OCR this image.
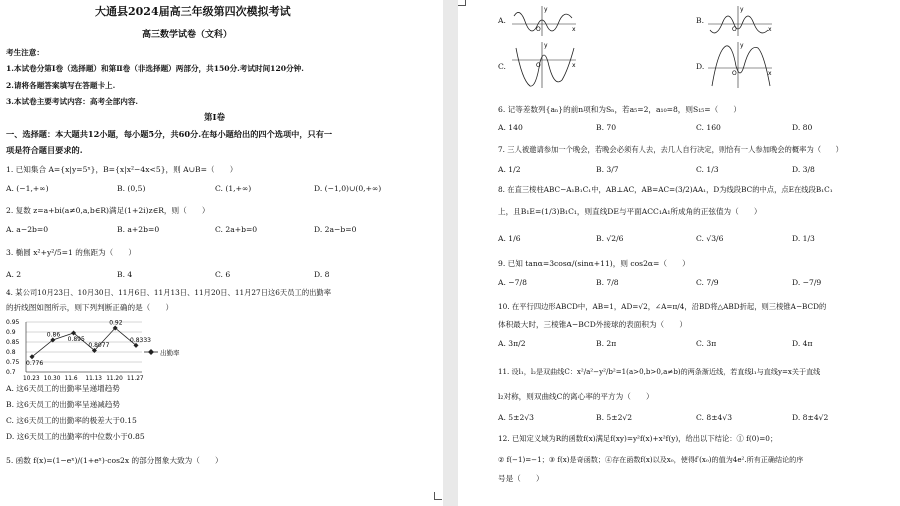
大通县2024届高三年级第四次模拟考试
高三数学试卷（文科）
考生注意：
1.本试卷分第Ⅰ卷（选择题）和第Ⅱ卷（非选择题）两部分，共150分.考试时间120分钟.
2.请将各题答案填写在答题卡上.
3.本试卷主要考试内容：高考全部内容.
第Ⅰ卷
一、选择题：本大题共12小题，每小题5分，共60分.在每小题给出的四个选项中，只有一
项是符合题目要求的.
1. 已知集合 A={x|y=5ˣ}，B={x|x²−4x<5}，则 A∪B=（　　）
A. (−1,+∞)	B. (0,5)	C. (1,+∞)	D. (−1,0)∪(0,+∞)
2. 复数 z=a+bi(a≠0,a,b∈R)满足(1+2i)z∈R，则（　　）
A. a−2b=0	B. a+2b=0	C. 2a+b=0	D. 2a−b=0
3. 椭圆 x²+y²/5=1 的焦距为（　　）
A. 2	B. 4	C. 6	D. 8
4. 某公司10月23日、10月30日、11月6日、11月13日、11月20日、11月27日这6天员工的出勤率
的折线图如图所示，则下列判断正确的是（　　）
0.95
0.9
0.85
0.8
0.75
0.7
10.23 10.30 11.6 11.13 11.20 11.27
0.776
0.86
0.895
0.8077
0.92
0.8333
出勤率
A. 这6天员工的出勤率呈递增趋势
B. 这6天员工的出勤率呈递减趋势
C. 这6天员工的出勤率的极差大于0.15
D. 这6天员工的出勤率的中位数小于0.85
5. 函数 f(x)=(1−eˣ)/(1+eˣ)·cos2x 的部分图象大致为（　　）
A.
y
x
O
B.
y
x
O
C.
y
x
O	D.
y
x
O
6. 记等差数列{aₙ}的前n项和为Sₙ，若a₅=2，a₁₀=8，则S₁₅=（　　）
A. 140	B. 70	C. 160	D. 80
7. 三人被邀请参加一个晚会，若晚会必须有人去，去几人自行决定，则恰有一人参加晚会的概率为（　　）
A. 1/2	B. 3/7	C. 1/3	D. 3/8
8. 在直三棱柱ABC−A₁B₁C₁中，AB⊥AC，AB=AC=(3/2)AA₁，D为线段BC的中点，点E在线段B₁C₁
上，且B₁E=(1/3)B₁C₁，则直线DE与平面ACC₁A₁所成角的正弦值为（　　）
A. 1/6	B. √2/6	C. √3/6	D. 1/3
9. 已知 tanα=3cosα/(sinα+11)，则 cos2α=（　　）
A. −7/8	B. 7/8	C. 7/9	D. −7/9
10. 在平行四边形ABCD中，AB=1，AD=√2，∠A=π/4，沿BD将△ABD折起，则三棱锥A−BCD的
体积最大时，三棱锥A−BCD外接球的表面积为（　　）
A. 3π/2	B. 2π	C. 3π	D. 4π
11. 设l₁，l₂是双曲线C：x²/a²−y²/b²=1(a>0,b>0,a≠b)的两条渐近线，若直线l₁与直线y=x关于直线
l₂对称，则双曲线C的离心率的平方为（　　）
A. 5±2√3	B. 5±2√2	C. 8±4√3	D. 8±4√2
12. 已知定义域为R的函数f(x)满足f(xy)=y²f(x)+x²f(y)，给出以下结论：① f(0)=0；
② f(−1)=−1；③ f(x)是奇函数；④存在函数f(x)以及x₀，使得f′(x₀)的值为4e².所有正确结论的序
号是（　　）
